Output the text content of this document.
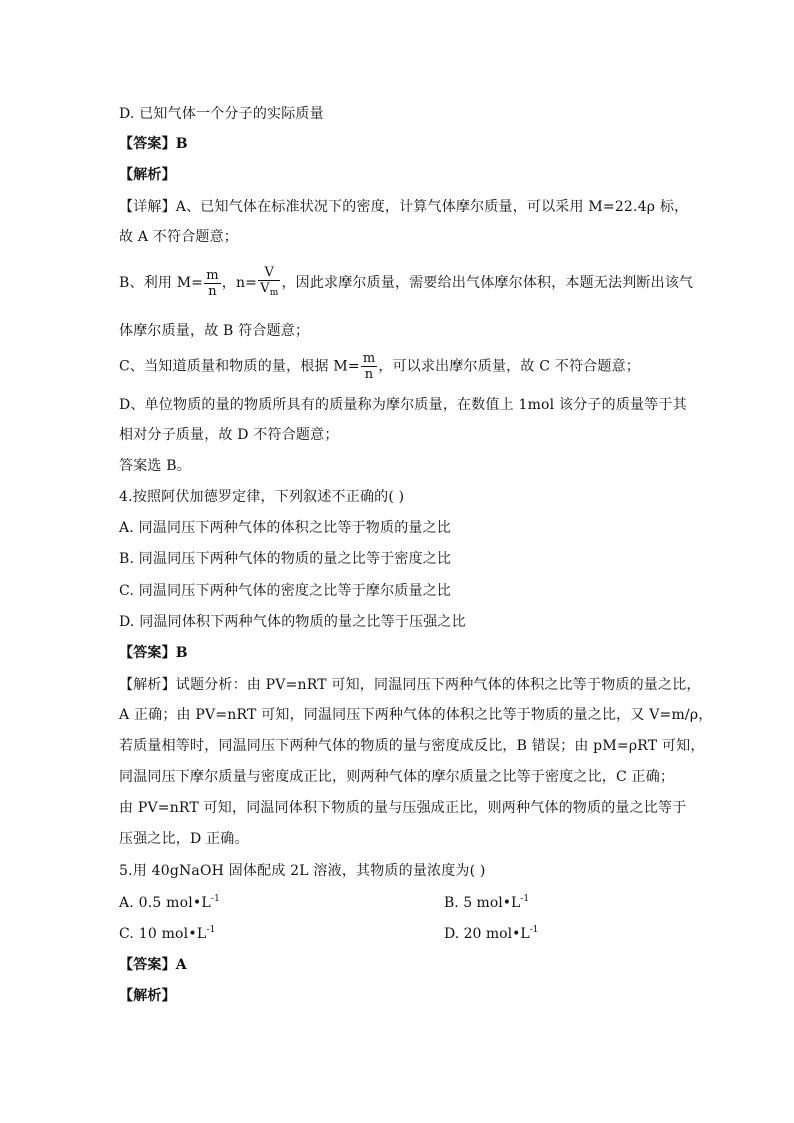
D. 已知气体一个分子的实际质量
【答案】B
【解析】
【详解】A、已知气体在标准状况下的密度，计算气体摩尔质量，可以采用 M=22.4ρ 标，
故 A 不符合题意；
B、利用 $M= \frac{m}{n}$ ，$n= \frac{V}{V_m}$ ，因此求摩尔质量，需要给出气体摩尔体积，本题无法判断出该气
体摩尔质量，故 B 符合题意；
C、当知道质量和物质的量，根据 $M= \frac{m}{n}$ ，可以求出摩尔质量，故 C 不符合题意；
D、单位物质的量的物质所具有的质量称为摩尔质量，在数值上 1mol 该分子的质量等于其
相对分子质量，故 D 不符合题意；
答案选 B。
4.按照阿伏加德罗定律，下列叙述不正确的( )
A. 同温同压下两种气体的体积之比等于物质的量之比
B. 同温同压下两种气体的物质的量之比等于密度之比
C. 同温同压下两种气体的密度之比等于摩尔质量之比
D. 同温同体积下两种气体的物质的量之比等于压强之比
【答案】B
【解析】试题分析：由 PV=nRT 可知，同温同压下两种气体的体积之比等于物质的量之比，
A 正确；由 PV=nRT 可知，同温同压下两种气体的体积之比等于物质的量之比，又 V=m/ρ，
若质量相等时，同温同压下两种气体的物质的量与密度成反比，B 错误；由 pM=ρRT 可知，
同温同压下摩尔质量与密度成正比，则两种气体的摩尔质量之比等于密度之比，C 正确；
由 PV=nRT 可知，同温同体积下物质的量与压强成正比，则两种气体的物质的量之比等于
压强之比，D 正确。
5.用 40gNaOH 固体配成 2L 溶液，其物质的量浓度为( )
A. 0.5 $mol•L^{-1}$	B. 5 $mol•L^{-1}$
C. 10 $mol•L^{-1}$	D. 20 $mol•L^{-1}$
【答案】A
【解析】
